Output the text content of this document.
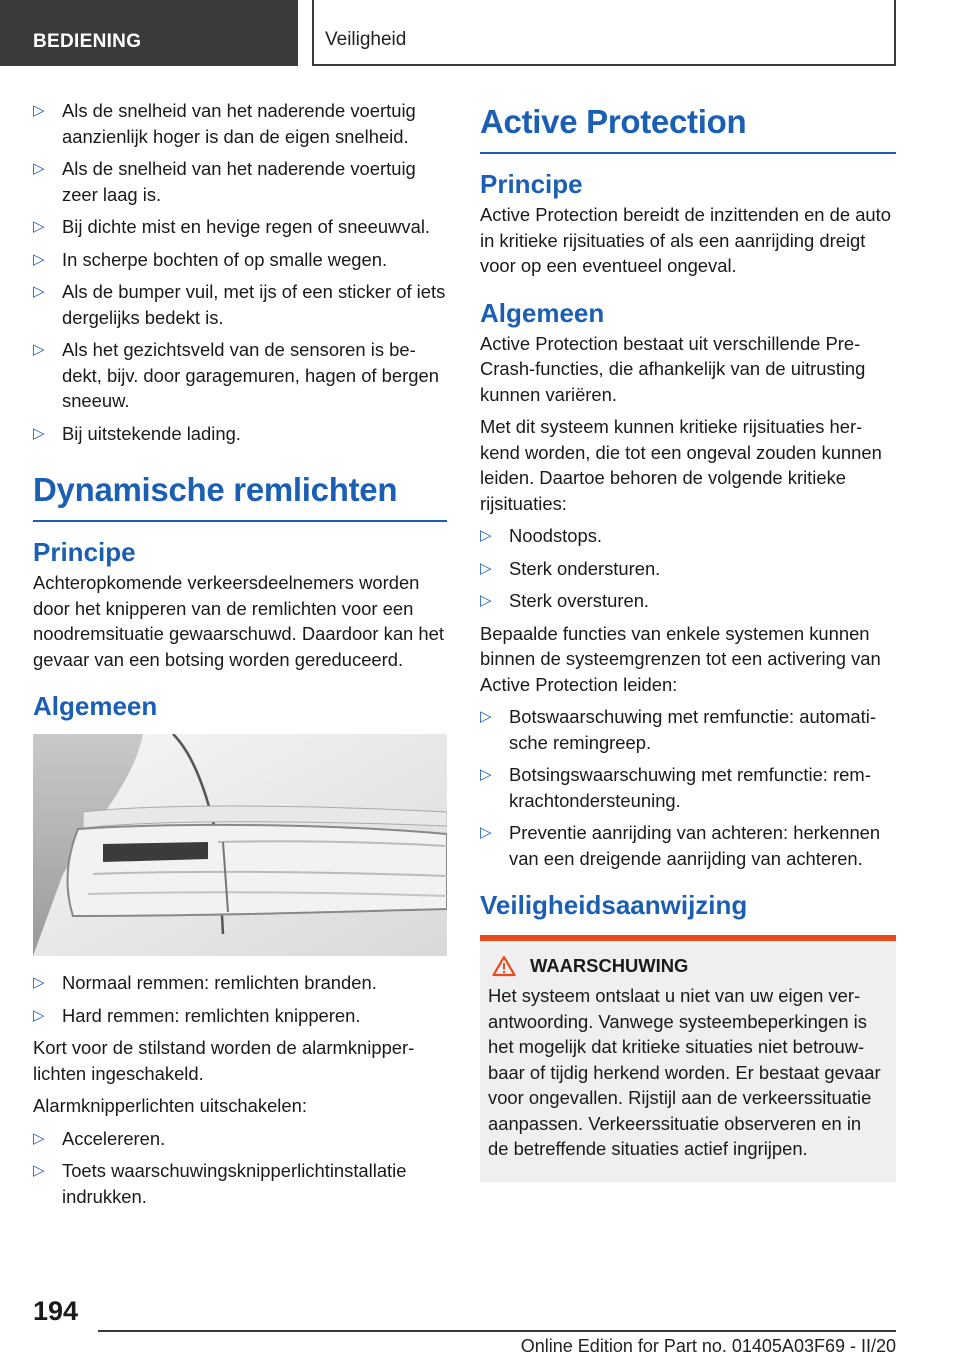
BEDIENING	Veiligheid
▷ Als de snelheid van het naderende voertuig aanzienlijk hoger is dan de eigen snelheid.
▷ Als de snelheid van het naderende voertuig zeer laag is.
▷ Bij dichte mist en hevige regen of sneeuwval.
▷ In scherpe bochten of op smalle wegen.
▷ Als de bumper vuil, met ijs of een sticker of iets dergelijks bedekt is.
▷ Als het gezichtsveld van de sensoren is bedekt, bijv. door garagemuren, hagen of bergen sneeuw.
▷ Bij uitstekende lading.
Dynamische remlichten
Principe

Achteropkomende verkeersdeelnemers worden door het knipperen van de remlichten voor een noodremsituatie gewaarschuwd. Daardoor kan het gevaar van een botsing worden gereduceerd.

Algemeen
▷ Normaal remmen: remlichten branden.
▷ Hard remmen: remlichten knipperen.

Kort voor de stilstand worden de alarmknipperlichten ingeschakeld.

Alarmknipperlichten uitschakelen:

▷ Accelereren.
▷ Toets waarschuwingsknipperlichtinstallatie indrukken.
Active Protection
Principe

Active Protection bereidt de inzittenden en de auto in kritieke rijsituaties of als een aanrijding dreigt voor op een eventueel ongeval.

Algemeen

Active Protection bestaat uit verschillende Pre-Crash-functies, die afhankelijk van de uitrusting kunnen variëren.

Met dit systeem kunnen kritieke rijsituaties herkend worden, die tot een ongeval zouden kunnen leiden. Daartoe behoren de volgende kritieke rijsituaties:

▷ Noodstops.
▷ Sterk ondersturen.
▷ Sterk oversturen.

Bepaalde functies van enkele systemen kunnen binnen de systeemgrenzen tot een activering van Active Protection leiden:

▷ Botswaarschuwing met remfunctie: automatische remingreep.
▷ Botsingswaarschuwing met remfunctie: remkrachtondersteuning.
▷ Preventie aanrijding van achteren: herkennen van een dreigende aanrijding van achteren.
Veiligheidsaanwijzing
WAARSCHUWING

Het systeem ontslaat u niet van uw eigen verantwoording. Vanwege systeembeperkingen is het mogelijk dat kritieke situaties niet betrouwbaar of tijdig herkend worden. Er bestaat gevaar voor ongevallen. Rijstijl aan de verkeerssituatie aanpassen. Verkeerssituatie observeren en in de betreffende situaties actief ingrijpen.

194
Online Edition for Part no. 01405A03F69 - II/20
